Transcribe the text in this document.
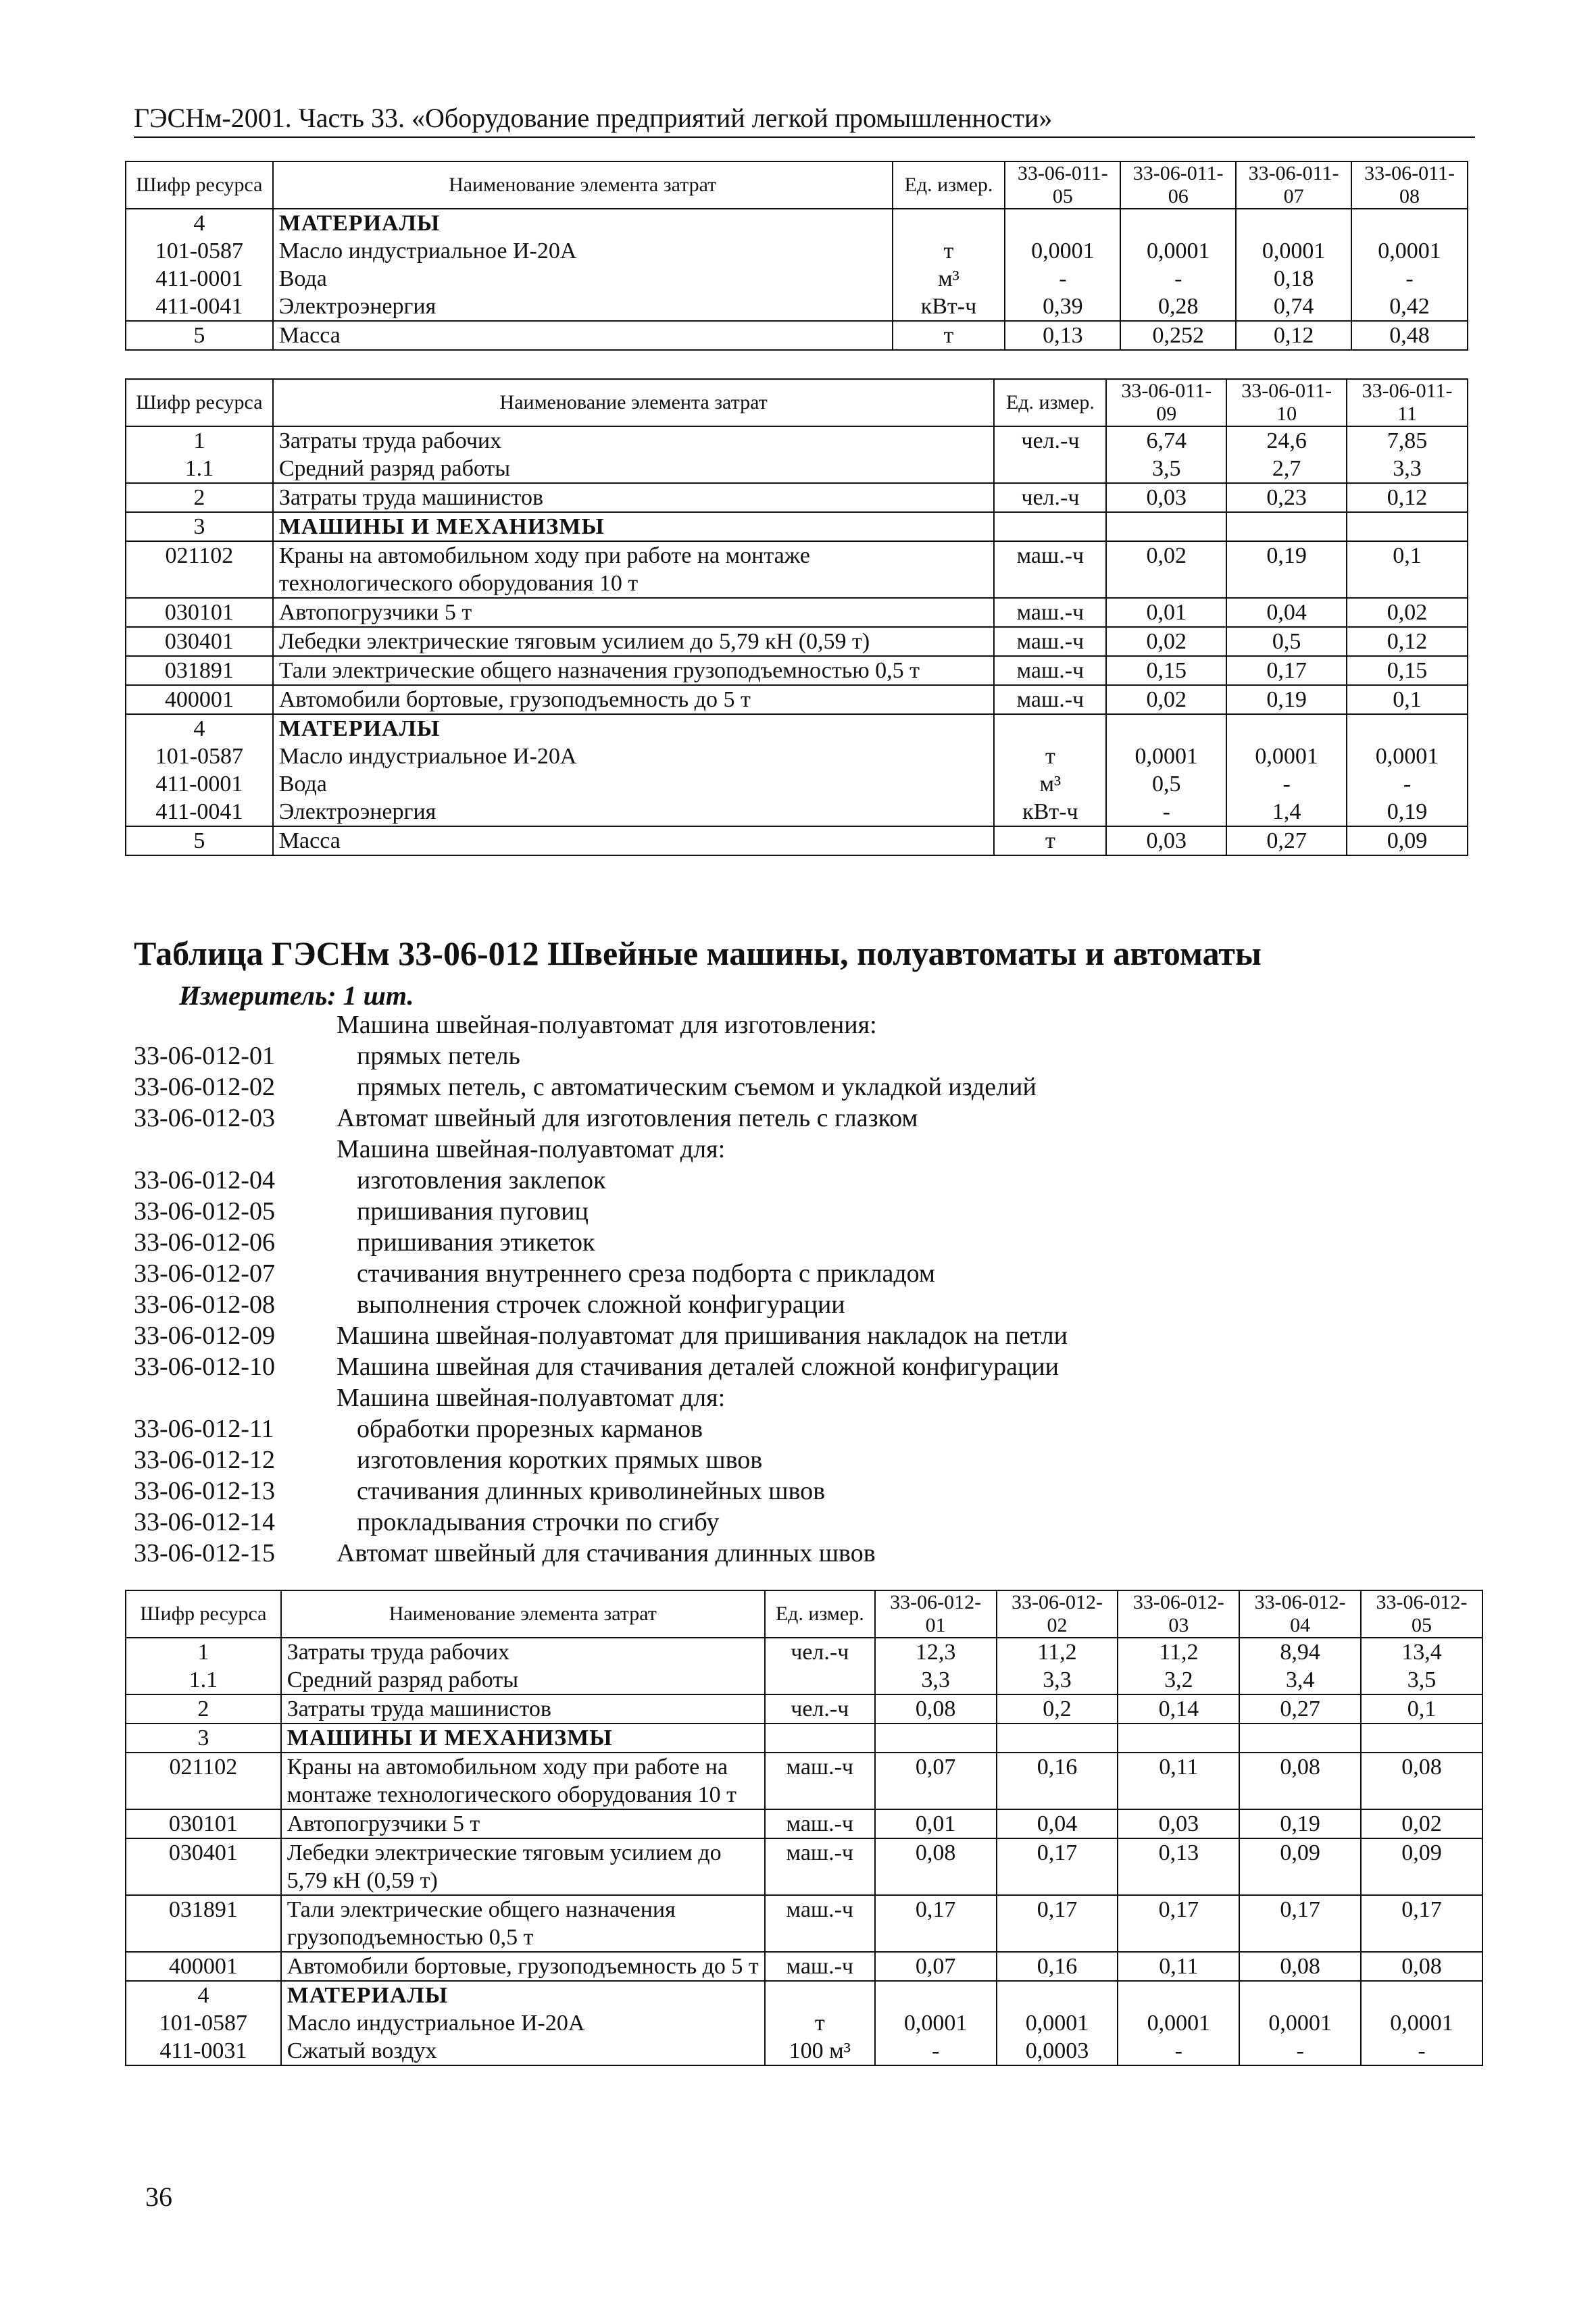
ГЭСНм-2001. Часть 33. «Оборудование предприятий легкой промышленности»
Шифр ресурса	Наименование элемента затрат	Ед. измер.	33-06-011-05	33-06-011-06	33-06-011-07	33-06-011-08
4	МАТЕРИАЛЫ					
101-0587	Масло индустриальное И-20А	т	0,0001	0,0001	0,0001	0,0001
411-0001	Вода	м³	-	-	0,18	-
411-0041	Электроэнергия	кВт-ч	0,39	0,28	0,74	0,42
5	Масса	т	0,13	0,252	0,12	0,48
Шифр ресурса	Наименование элемента затрат	Ед. измер.	33-06-011-09	33-06-011-10	33-06-011-11
1	Затраты труда рабочих	чел.-ч	6,74	24,6	7,85
1.1	Средний разряд работы		3,5	2,7	3,3
2	Затраты труда машинистов	чел.-ч	0,03	0,23	0,12
3	МАШИНЫ И МЕХАНИЗМЫ				
021102	Краны на автомобильном ходу при работе на монтаже технологического оборудования 10 т	маш.-ч	0,02	0,19	0,1
030101	Автопогрузчики 5 т	маш.-ч	0,01	0,04	0,02
030401	Лебедки электрические тяговым усилием до 5,79 кН (0,59 т)	маш.-ч	0,02	0,5	0,12
031891	Тали электрические общего назначения грузоподъемностью 0,5 т	маш.-ч	0,15	0,17	0,15
400001	Автомобили бортовые, грузоподъемность до 5 т	маш.-ч	0,02	0,19	0,1
4	МАТЕРИАЛЫ				
101-0587	Масло индустриальное И-20А	т	0,0001	0,0001	0,0001
411-0001	Вода	м³	0,5	-	-
411-0041	Электроэнергия	кВт-ч	-	1,4	0,19
5	Масса	т	0,03	0,27	0,09
Таблица ГЭСНм 33-06-012 Швейные машины, полуавтоматы и автоматы
Измеритель: 1 шт.
Машина швейная-полуавтомат для изготовления:
33-06-012-01	прямых петель
33-06-012-02	прямых петель, с автоматическим съемом и укладкой изделий
33-06-012-03	Автомат швейный для изготовления петель с глазком
Машина швейная-полуавтомат для:
33-06-012-04	изготовления заклепок
33-06-012-05	пришивания пуговиц
33-06-012-06	пришивания этикеток
33-06-012-07	стачивания внутреннего среза подборта с прикладом
33-06-012-08	выполнения строчек сложной конфигурации
33-06-012-09	Машина швейная-полуавтомат для пришивания накладок на петли
33-06-012-10	Машина швейная для стачивания деталей сложной конфигурации
Машина швейная-полуавтомат для:
33-06-012-11	обработки прорезных карманов
33-06-012-12	изготовления коротких прямых швов
33-06-012-13	стачивания длинных криволинейных швов
33-06-012-14	прокладывания строчки по сгибу
33-06-012-15	Автомат швейный для стачивания длинных швов
Шифр ресурса	Наименование элемента затрат	Ед. измер.	33-06-012-01	33-06-012-02	33-06-012-03	33-06-012-04	33-06-012-05
1	Затраты труда рабочих	чел.-ч	12,3	11,2	11,2	8,94	13,4
1.1	Средний разряд работы		3,3	3,3	3,2	3,4	3,5
2	Затраты труда машинистов	чел.-ч	0,08	0,2	0,14	0,27	0,1
3	МАШИНЫ И МЕХАНИЗМЫ						
021102	Краны на автомобильном ходу при работе на монтаже технологического оборудования 10 т	маш.-ч	0,07	0,16	0,11	0,08	0,08
030101	Автопогрузчики 5 т	маш.-ч	0,01	0,04	0,03	0,19	0,02
030401	Лебедки электрические тяговым усилием до 5,79 кН (0,59 т)	маш.-ч	0,08	0,17	0,13	0,09	0,09
031891	Тали электрические общего назначения грузоподъемностью 0,5 т	маш.-ч	0,17	0,17	0,17	0,17	0,17
400001	Автомобили бортовые, грузоподъемность до 5 т	маш.-ч	0,07	0,16	0,11	0,08	0,08
4	МАТЕРИАЛЫ						
101-0587	Масло индустриальное И-20А	т	0,0001	0,0001	0,0001	0,0001	0,0001
411-0031	Сжатый воздух	100 м³	-	0,0003	-	-	-
36
